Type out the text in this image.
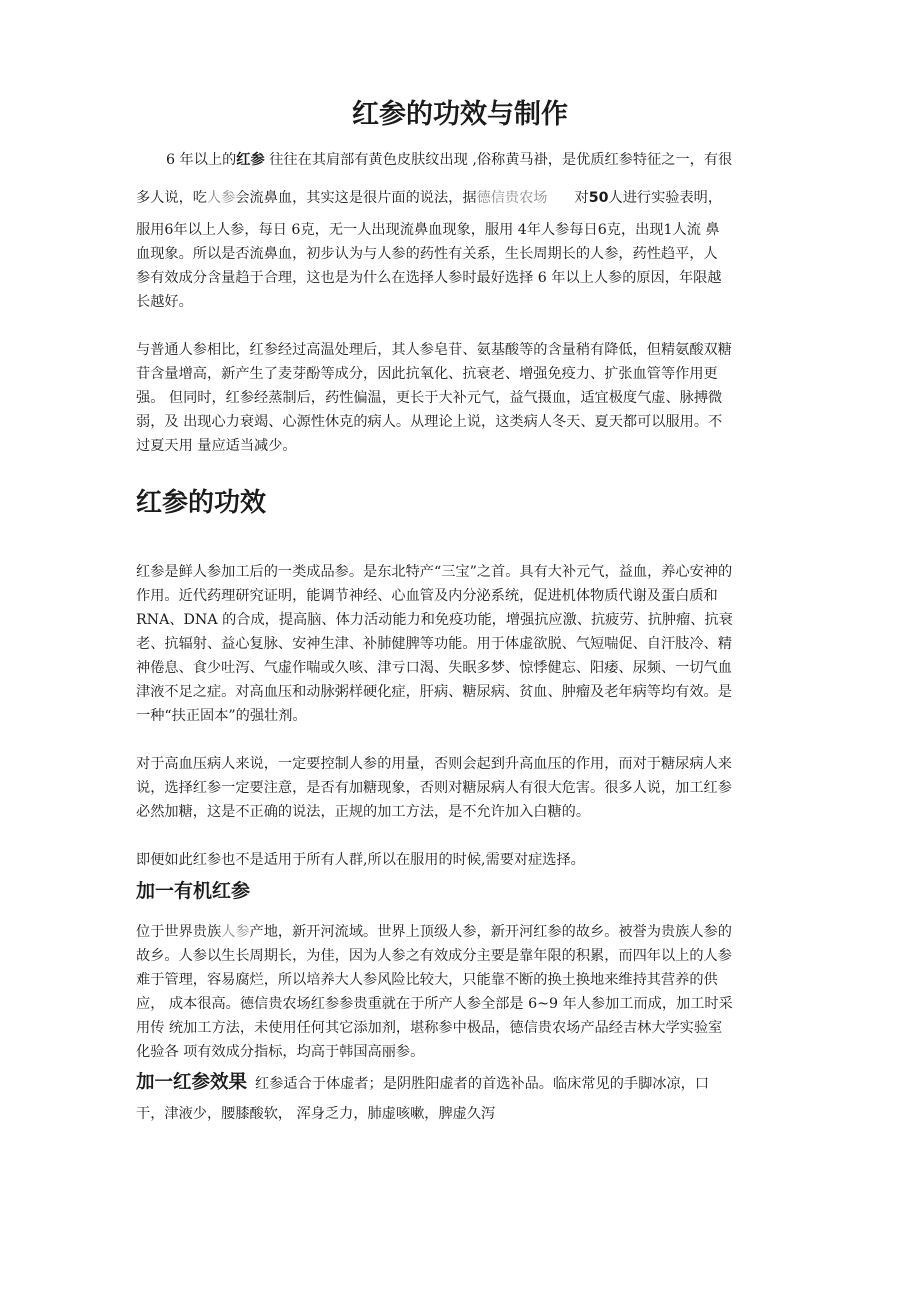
红参的功效与制作
6 年以上的红参 往往在其肩部有黄色皮肤纹出现 ,俗称黄马褂，是优质红参特征之一，有很
多人说，吃人参会流鼻血，其实这是很片面的说法，据德信贵农场      对50人进行实验表明，
服用6年以上人参，每日 6克，无一人出现流鼻血现象，服用 4年人参每日6克，出现1人流 鼻
血现象。所以是否流鼻血，初步认为与人参的药性有关系，生长周期长的人参，药性趋平，人
参有效成分含量趋于合理，这也是为什么在选择人参时最好选择 6 年以上人参的原因，年限越
长越好。
与普通人参相比，红参经过高温处理后，其人参皂苷、氨基酸等的含量稍有降低，但精氨酸双糖
苷含量增高，新产生了麦芽酚等成分，因此抗氧化、抗衰老、增强免疫力、扩张血管等作用更
强。 但同时，红参经蒸制后，药性偏温，更长于大补元气，益气摄血，适宜极度气虚、脉搏微
弱，及 出现心力衰竭、心源性休克的病人。从理论上说，这类病人冬天、夏天都可以服用。不
过夏天用 量应适当减少。
红参的功效
红参是鲜人参加工后的一类成品参。是东北特产“三宝”之首。具有大补元气，益血，养心安神的
作用。近代药理研究证明，能调节神经、心血管及内分泌系统，促进机体物质代谢及蛋白质和
RNA、DNA 的合成，提高脑、体力活动能力和免疫功能，增强抗应激、抗疲劳、抗肿瘤、抗衰
老、抗辐射、益心复脉、安神生津、补肺健脾等功能。用于体虚欲脱、气短喘促、自汗肢冷、精
神倦息、食少吐泻、气虚作喘或久咳、津亏口渴、失眠多梦、惊悸健忘、阳痿、尿频、一切气血
津液不足之症。对高血压和动脉粥样硬化症，肝病、糖尿病、贫血、肿瘤及老年病等均有效。是
一种“扶正固本”的强壮剂。
对于高血压病人来说，一定要控制人参的用量，否则会起到升高血压的作用，而对于糖尿病人来
说，选择红参一定要注意，是否有加糖现象，否则对糖尿病人有很大危害。很多人说，加工红参
必然加糖，这是不正确的说法，正规的加工方法，是不允许加入白糖的。
即便如此红参也不是适用于所有人群,所以在服用的时候,需要对症选择。
加一有机红参
位于世界贵族人参产地，新开河流域。世界上顶级人参，新开河红参的故乡。被誉为贵族人参的
故乡。人参以生长周期长，为佳，因为人参之有效成分主要是靠年限的积累，而四年以上的人参
难于管理，容易腐烂，所以培养大人参风险比较大，只能靠不断的换土换地来维持其营养的供
应， 成本很高。德信贵农场红参参贵重就在于所产人参全部是 6~9 年人参加工而成，加工时采
用传 统加工方法，未使用任何其它添加剂，堪称参中极品，德信贵农场产品经吉林大学实验室
化验各 项有效成分指标，均高于韩国高丽参。
加一红参效果 红参适合于体虚者；是阴胜阳虚者的首选补品。临床常见的手脚冰凉，口
干，津液少，腰膝酸软， 浑身乏力，肺虚咳嗽，脾虚久泻
